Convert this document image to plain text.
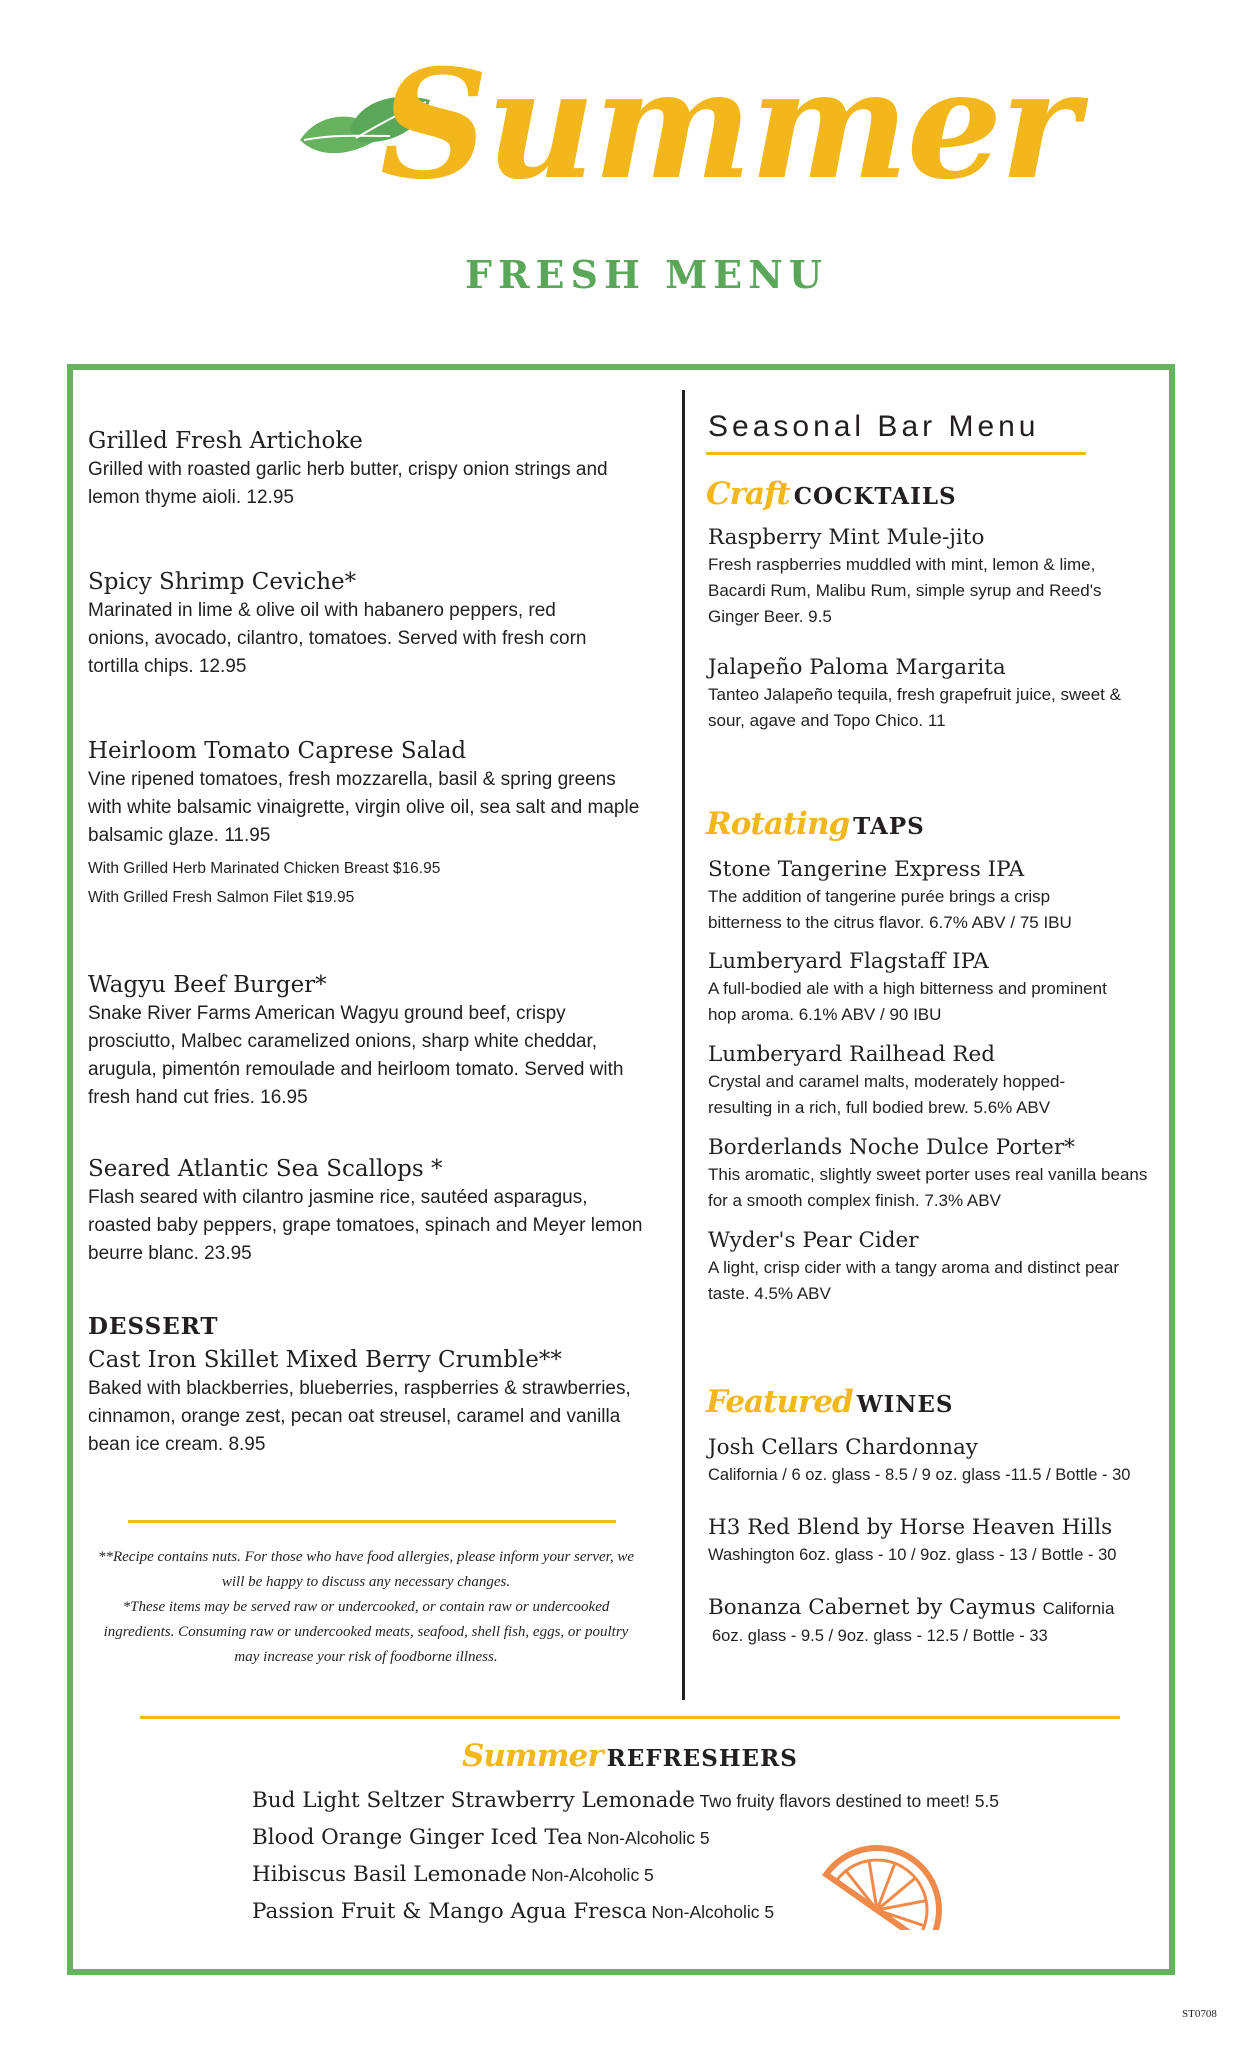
Summer
FRESH MENU
Grilled Fresh Artichoke
Grilled with roasted garlic herb butter, crispy onion strings and lemon thyme aioli. 12.95
Spicy Shrimp Ceviche*
Marinated in lime & olive oil with habanero peppers, red onions, avocado, cilantro, tomatoes. Served with fresh corn tortilla chips. 12.95
Heirloom Tomato Caprese Salad
Vine ripened tomatoes, fresh mozzarella, basil & spring greens with white balsamic vinaigrette, virgin olive oil, sea salt and maple balsamic glaze. 11.95
With Grilled Herb Marinated Chicken Breast $16.95
With Grilled Fresh Salmon Filet $19.95
Wagyu Beef Burger*
Snake River Farms American Wagyu ground beef, crispy prosciutto, Malbec caramelized onions, sharp white cheddar, arugula, pimentón remoulade and heirloom tomato. Served with fresh hand cut fries. 16.95
Seared Atlantic Sea Scallops *
Flash seared with cilantro jasmine rice, sautéed asparagus, roasted baby peppers, grape tomatoes, spinach and Meyer lemon beurre blanc. 23.95
DESSERT
Cast Iron Skillet Mixed Berry Crumble**
Baked with blackberries, blueberries, raspberries & strawberries, cinnamon, orange zest, pecan oat streusel, caramel and vanilla bean ice cream. 8.95

**Recipe contains nuts. For those who have food allergies, please inform your server, we will be happy to discuss any necessary changes.

*These items may be served raw or undercooked, or contain raw or undercooked ingredients. Consuming raw or undercooked meats, seafood, shell fish, eggs, or poultry may increase your risk of foodborne illness.

Seasonal Bar Menu
Craft COCKTAILS
Raspberry Mint Mule-jito
Fresh raspberries muddled with mint, lemon & lime, Bacardi Rum, Malibu Rum, simple syrup and Reed's Ginger Beer. 9.5
Jalapeño Paloma Margarita
Tanteo Jalapeño tequila, fresh grapefruit juice, sweet & sour, agave and Topo Chico. 11
Rotating TAPS
Stone Tangerine Express IPA
The addition of tangerine purée brings a crisp bitterness to the citrus flavor. 6.7% ABV / 75 IBU
Lumberyard Flagstaff IPA
A full-bodied ale with a high bitterness and prominent hop aroma. 6.1% ABV / 90 IBU
Lumberyard Railhead Red
Crystal and caramel malts, moderately hopped-resulting in a rich, full bodied brew. 5.6% ABV
Borderlands Noche Dulce Porter*
This aromatic, slightly sweet porter uses real vanilla beans for a smooth complex finish. 7.3% ABV
Wyder's Pear Cider
A light, crisp cider with a tangy aroma and distinct pear taste. 4.5% ABV
Featured WINES
Josh Cellars Chardonnay
California / 6 oz. glass - 8.5 / 9 oz. glass -11.5 / Bottle - 30
H3 Red Blend by Horse Heaven Hills
Washington 6oz. glass - 10 / 9oz. glass - 13 / Bottle - 30
Bonanza Cabernet by Caymus California
6oz. glass - 9.5 / 9oz. glass - 12.5 / Bottle - 33
Summer REFRESHERS
Bud Light Seltzer Strawberry Lemonade Two fruity flavors destined to meet! 5.5
Blood Orange Ginger Iced Tea Non-Alcoholic 5
Hibiscus Basil Lemonade Non-Alcoholic 5
Passion Fruit & Mango Agua Fresca Non-Alcoholic 5
ST0708
